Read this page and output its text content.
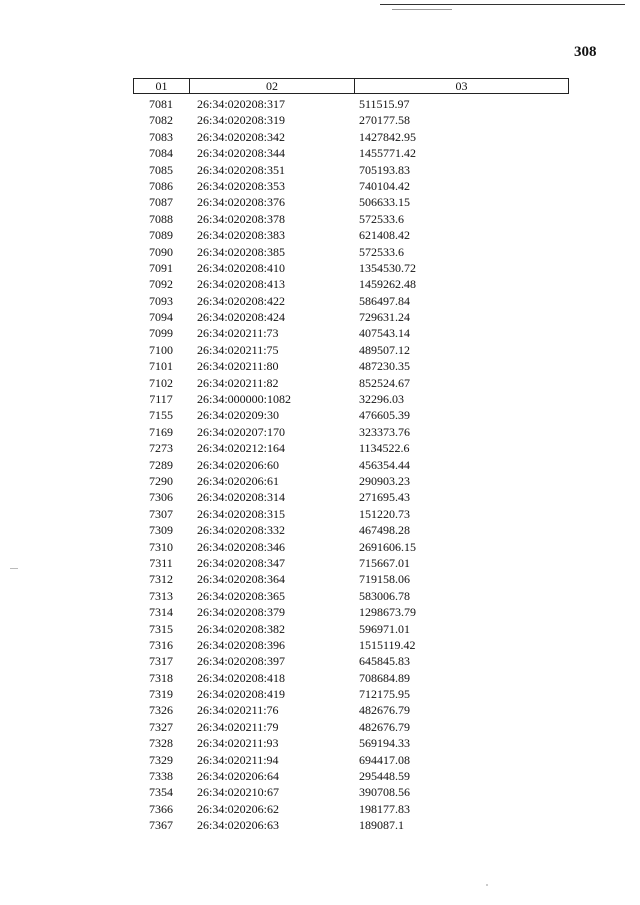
308
01	02	03
7081	26:34:020208:317	511515.97
7082	26:34:020208:319	270177.58
7083	26:34:020208:342	1427842.95
7084	26:34:020208:344	1455771.42
7085	26:34:020208:351	705193.83
7086	26:34:020208:353	740104.42
7087	26:34:020208:376	506633.15
7088	26:34:020208:378	572533.6
7089	26:34:020208:383	621408.42
7090	26:34:020208:385	572533.6
7091	26:34:020208:410	1354530.72
7092	26:34:020208:413	1459262.48
7093	26:34:020208:422	586497.84
7094	26:34:020208:424	729631.24
7099	26:34:020211:73	407543.14
7100	26:34:020211:75	489507.12
7101	26:34:020211:80	487230.35
7102	26:34:020211:82	852524.67
7117	26:34:000000:1082	32296.03
7155	26:34:020209:30	476605.39
7169	26:34:020207:170	323373.76
7273	26:34:020212:164	1134522.6
7289	26:34:020206:60	456354.44
7290	26:34:020206:61	290903.23
7306	26:34:020208:314	271695.43
7307	26:34:020208:315	151220.73
7309	26:34:020208:332	467498.28
7310	26:34:020208:346	2691606.15
7311	26:34:020208:347	715667.01
7312	26:34:020208:364	719158.06
7313	26:34:020208:365	583006.78
7314	26:34:020208:379	1298673.79
7315	26:34:020208:382	596971.01
7316	26:34:020208:396	1515119.42
7317	26:34:020208:397	645845.83
7318	26:34:020208:418	708684.89
7319	26:34:020208:419	712175.95
7326	26:34:020211:76	482676.79
7327	26:34:020211:79	482676.79
7328	26:34:020211:93	569194.33
7329	26:34:020211:94	694417.08
7338	26:34:020206:64	295448.59
7354	26:34:020210:67	390708.56
7366	26:34:020206:62	198177.83
7367	26:34:020206:63	189087.1
